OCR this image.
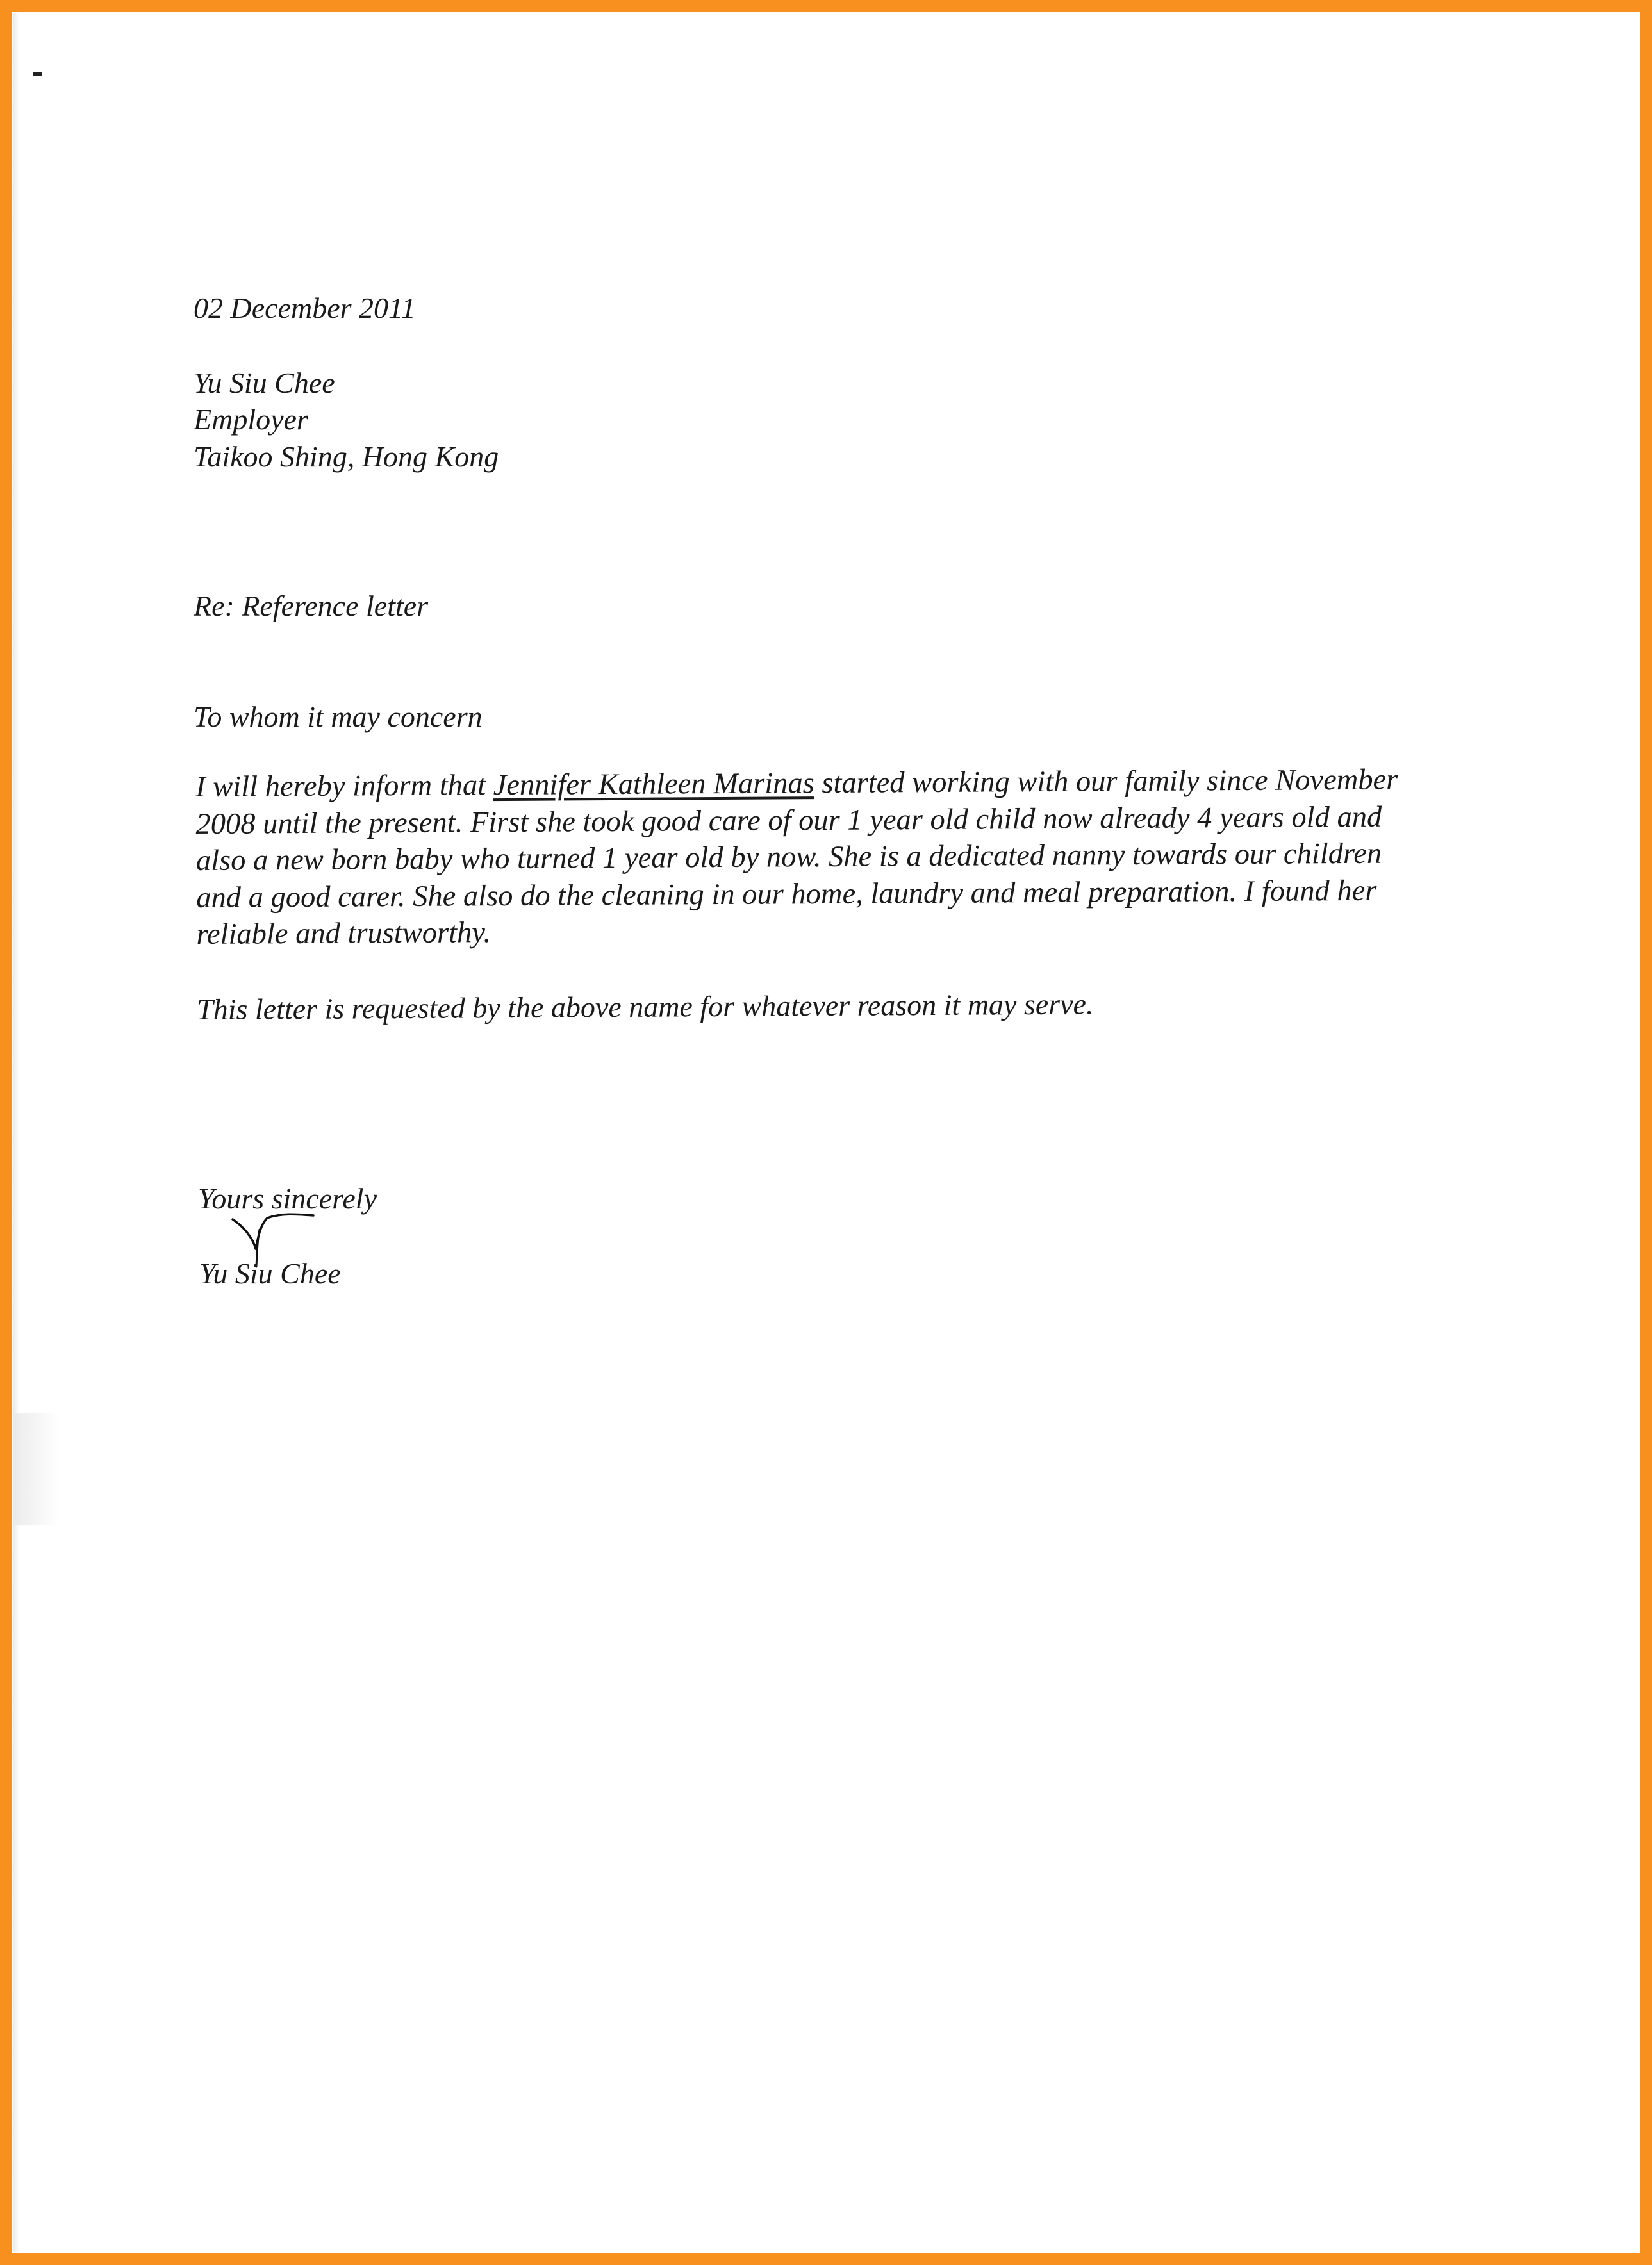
02 December 2011
Yu Siu Chee
Employer
Taikoo Shing, Hong Kong
Re: Reference letter
To whom it may concern
I will hereby inform that Jennifer Kathleen Marinas started working with our family since November
2008 until the present. First she took good care of our 1 year old child now already 4 years old and
also a new born baby who turned 1 year old by now. She is a dedicated nanny towards our children
and a good carer. She also do the cleaning in our home, laundry and meal preparation. I found her
reliable and trustworthy.
This letter is requested by the above name for whatever reason it may serve.
Yours sincerely
Yu Siu Chee
